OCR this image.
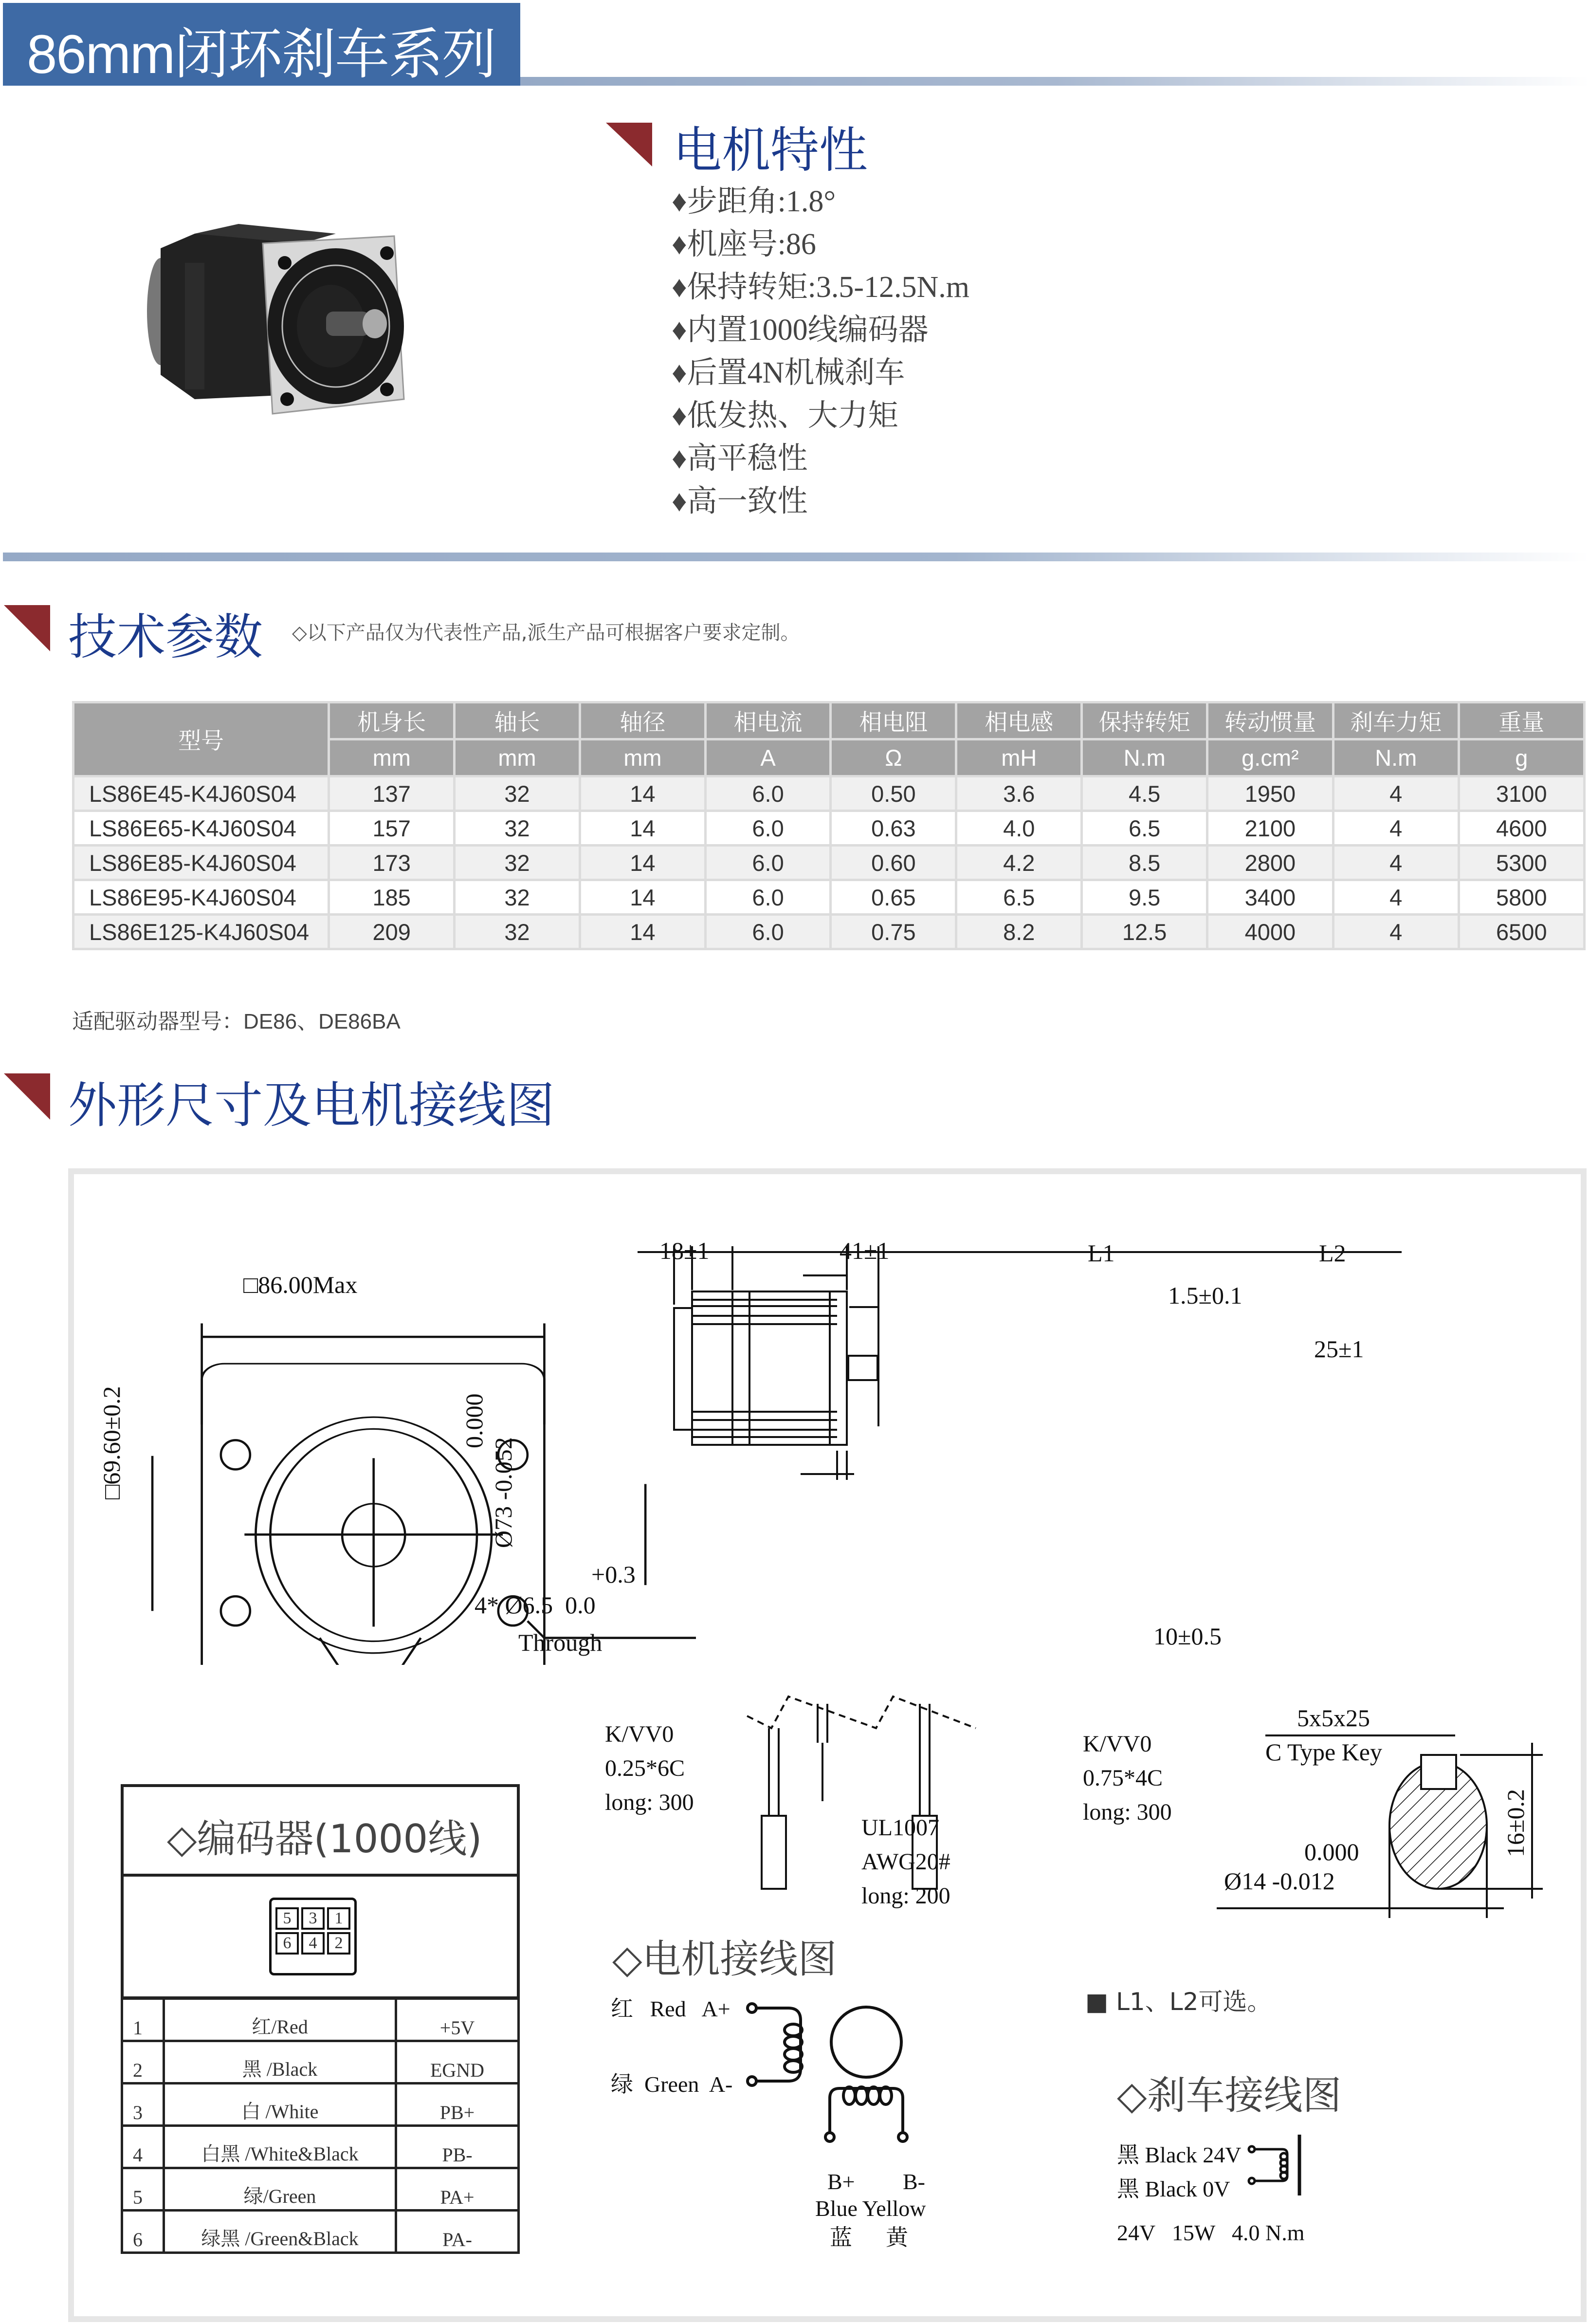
86mm闭环刹车系列
电机特性
♦步距角:1.8°
♦机座号:86
♦保持转矩:3.5-12.5N.m
♦内置1000线编码器
♦后置4N机械刹车
♦低发热、大力矩
♦高平稳性
♦高一致性
技术参数 ◇以下产品仅为代表性产品,派生产品可根据客户要求定制。
型号	机身长	轴长	轴径	相电流	相电阻	相电感	保持转矩	转动惯量	刹车力矩	重量
	mm	mm	mm	A	Ω	mH	N.m	g.cm²	N.m	g
LS86E45-K4J60S04	137	32	14	6.0	0.50	3.6	4.5	1950	4	3100
LS86E65-K4J60S04	157	32	14	6.0	0.63	4.0	6.5	2100	4	4600
LS86E85-K4J60S04	173	32	14	6.0	0.60	4.2	8.5	2800	4	5300
LS86E95-K4J60S04	185	32	14	6.0	0.65	6.5	9.5	3400	4	5800
LS86E125-K4J60S04	209	32	14	6.0	0.75	8.2	12.5	4000	4	6500
适配驱动器型号：DE86、DE86BA
外形尺寸及电机接线图
□86.00Max
□69.60±0.2	0.000
Ø73 -0.052
+0.3
4* Ø6.5  0.0
Through
18±1	41±1	L1	L2
1.5±0.1
25±1
10±0.5
K/VV0
0.25*6C
long: 300
UL1007
AWG20#
long: 200
K/VV0
0.75*4C
long: 300
5x5x25
C Type Key
16±0.2
0.000
Ø14 -0.012
◇编码器(1000线)
5	3	1
6	4	2
1	红/Red	+5V
2	黑 /Black	EGND
3	白 /White	PB+
4	白黑 /White&Black	PB-
5	绿/Green	PA+
6	绿黑 /Green&Black	PA-
◇电机接线图
红   Red   A+
绿  Green  A-
B+ B-
Blue Yellow
蓝      黄
■ L1、L2可选。
◇刹车接线图
黑 Black 24V
黑 Black 0V
24V   15W   4.0 N.m
